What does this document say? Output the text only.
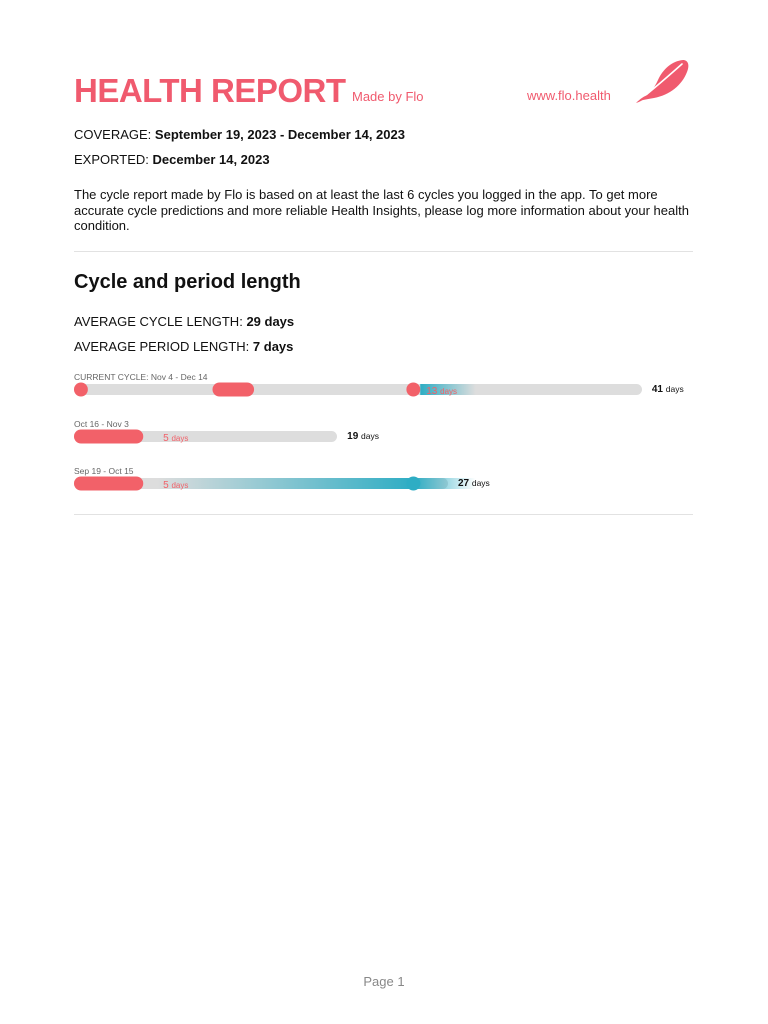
HEALTH REPORT Made by Flo	www.flo.health
COVERAGE: September 19, 2023 - December 14, 2023
EXPORTED: December 14, 2023
The cycle report made by Flo is based on at least the last 6 cycles you logged in the app. To get more accurate cycle predictions and more reliable Health Insights, please log more information about your health condition.
Cycle and period length
AVERAGE CYCLE LENGTH: 29 days
AVERAGE PERIOD LENGTH: 7 days
CURRENT CYCLE: Nov 4 - Dec 14
13 days	41 days
Oct 16 - Nov 3
5 days	19 days
Sep 19 - Oct 15
5 days	27 days
Page 1
